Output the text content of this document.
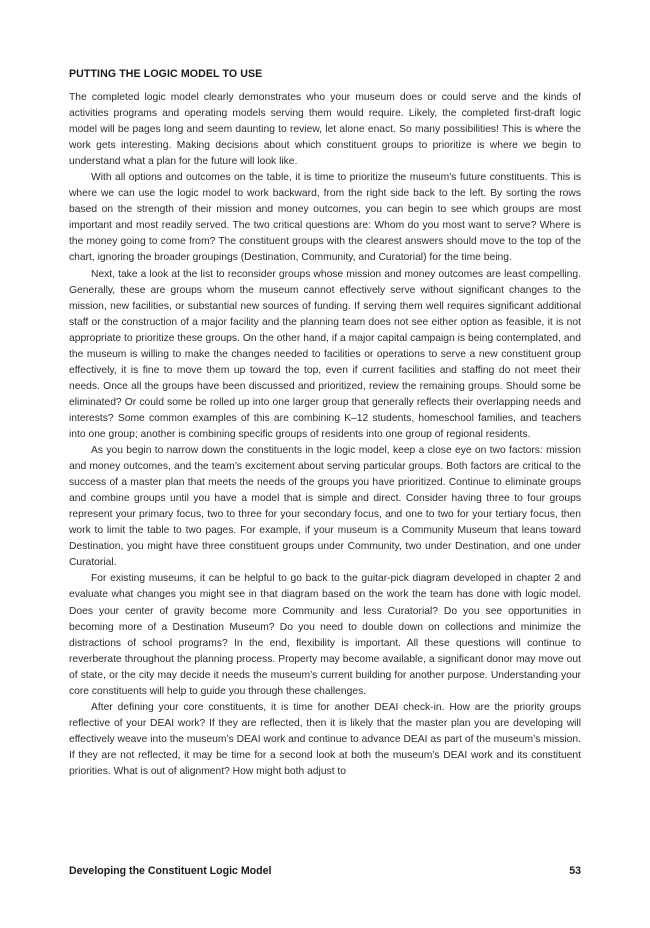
PUTTING THE LOGIC MODEL TO USE

The completed logic model clearly demonstrates who your museum does or could serve and the kinds of activities programs and operating models serving them would require. Likely, the completed first-draft logic model will be pages long and seem daunting to review, let alone enact. So many possibilities! This is where the work gets interesting. Making decisions about which constituent groups to prioritize is where we begin to understand what a plan for the future will look like.

With all options and outcomes on the table, it is time to prioritize the museum’s future constituents. This is where we can use the logic model to work backward, from the right side back to the left. By sorting the rows based on the strength of their mission and money outcomes, you can begin to see which groups are most important and most readily served. The two critical questions are: Whom do you most want to serve? Where is the money going to come from? The constituent groups with the clearest answers should move to the top of the chart, ignoring the broader groupings (Destination, Community, and Curatorial) for the time being.

Next, take a look at the list to reconsider groups whose mission and money outcomes are least compelling. Generally, these are groups whom the museum cannot effectively serve without significant changes to the mission, new facilities, or substantial new sources of funding. If serving them well requires significant additional staff or the construction of a major facility and the planning team does not see either option as feasible, it is not appropriate to prioritize these groups. On the other hand, if a major capital campaign is being contemplated, and the museum is willing to make the changes needed to facilities or operations to serve a new constituent group effectively, it is fine to move them up toward the top, even if current facilities and staffing do not meet their needs. Once all the groups have been discussed and prioritized, review the remaining groups. Should some be eliminated? Or could some be rolled up into one larger group that generally reflects their overlapping needs and interests? Some common examples of this are combining K–12 students, homeschool families, and teachers into one group; another is combining specific groups of residents into one group of regional residents.

As you begin to narrow down the constituents in the logic model, keep a close eye on two factors: mission and money outcomes, and the team’s excitement about serving particular groups. Both factors are critical to the success of a master plan that meets the needs of the groups you have prioritized. Continue to eliminate groups and combine groups until you have a model that is simple and direct. Consider having three to four groups represent your primary focus, two to three for your secondary focus, and one to two for your tertiary focus, then work to limit the table to two pages. For example, if your museum is a Community Museum that leans toward Destination, you might have three constituent groups under Community, two under Destination, and one under Curatorial.

For existing museums, it can be helpful to go back to the guitar-pick diagram developed in chapter 2 and evaluate what changes you might see in that diagram based on the work the team has done with logic model. Does your center of gravity become more Community and less Curatorial? Do you see opportunities in becoming more of a Destination Museum? Do you need to double down on collections and minimize the distractions of school programs? In the end, flexibility is important. All these questions will continue to reverberate throughout the planning process. Property may become available, a significant donor may move out of state, or the city may decide it needs the museum’s current building for another purpose. Understanding your core constituents will help to guide you through these challenges.

After defining your core constituents, it is time for another DEAI check-in. How are the priority groups reflective of your DEAI work? If they are reflected, then it is likely that the master plan you are developing will effectively weave into the museum’s DEAI work and continue to advance DEAI as part of the museum’s mission. If they are not reflected, it may be time for a second look at both the museum’s DEAI work and its constituent priorities. What is out of alignment? How might both adjust to

Developing the Constituent Logic Model	53
